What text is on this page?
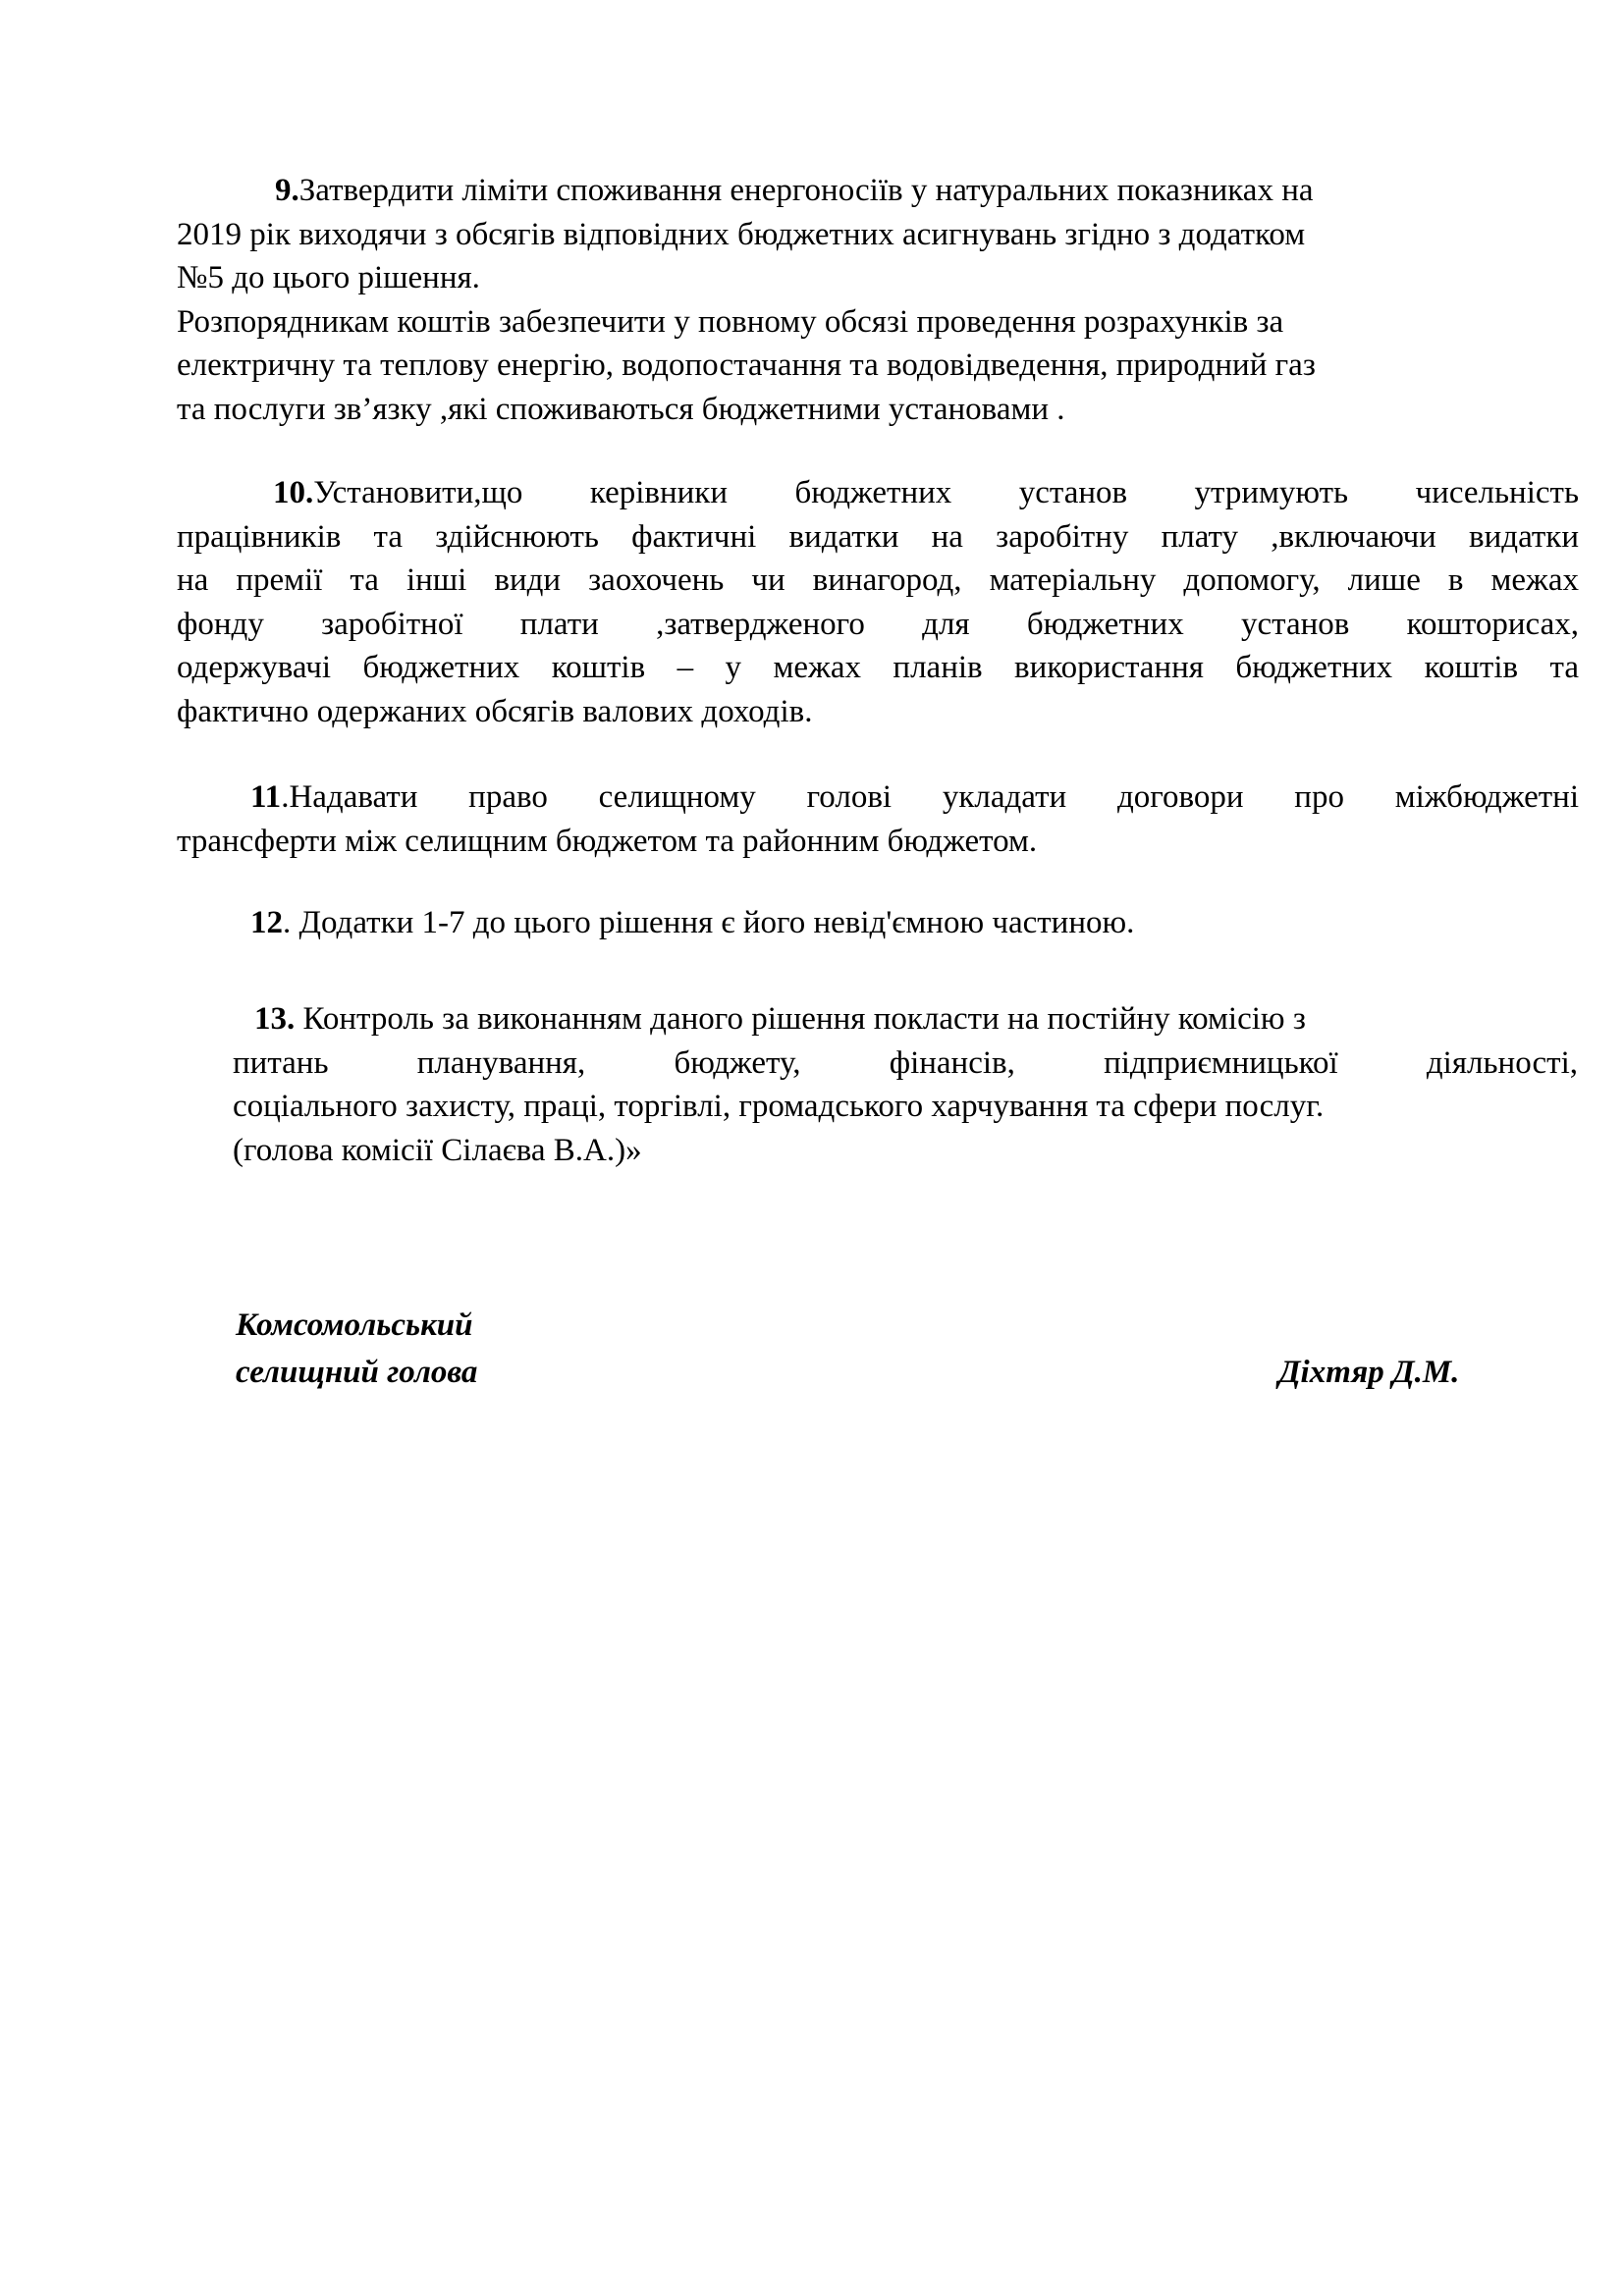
9.Затвердити ліміти споживання енергоносіїв у натуральних показниках на
2019 рік виходячи з обсягів відповідних бюджетних асигнувань згідно з додатком
№5 до цього рішення.
Розпорядникам коштів забезпечити у повному обсязі проведення розрахунків за
електричну та теплову енергію, водопостачання та водовідведення, природний газ
та послуги зв’язку ,які споживаються бюджетними установами .
10.Установити,що керівники бюджетних установ утримують чисельність
працівників та здійснюють фактичні видатки на заробітну плату ,включаючи видатки
на премії та інші види заохочень чи винагород, матеріальну допомогу, лише в межах
фонду заробітної плати ,затвердженого для бюджетних установ кошторисах,
одержувачі бюджетних коштів – у межах планів використання бюджетних коштів та
фактично одержаних обсягів валових доходів.
11.Надавати право селищному голові укладати договори про міжбюджетні
трансферти між селищним бюджетом та районним бюджетом.
12. Додатки 1-7 до цього рішення є його невід'ємною частиною.
13. Контроль за виконанням даного рішення покласти на постійну комісію з
питань планування, бюджету, фінансів, підприємницької діяльності,
соціального захисту, праці, торгівлі, громадського харчування та сфери послуг.
(голова комісії Сілаєва В.А.)»
Комсомольський
селищний голова	Діхтяр Д.М.
